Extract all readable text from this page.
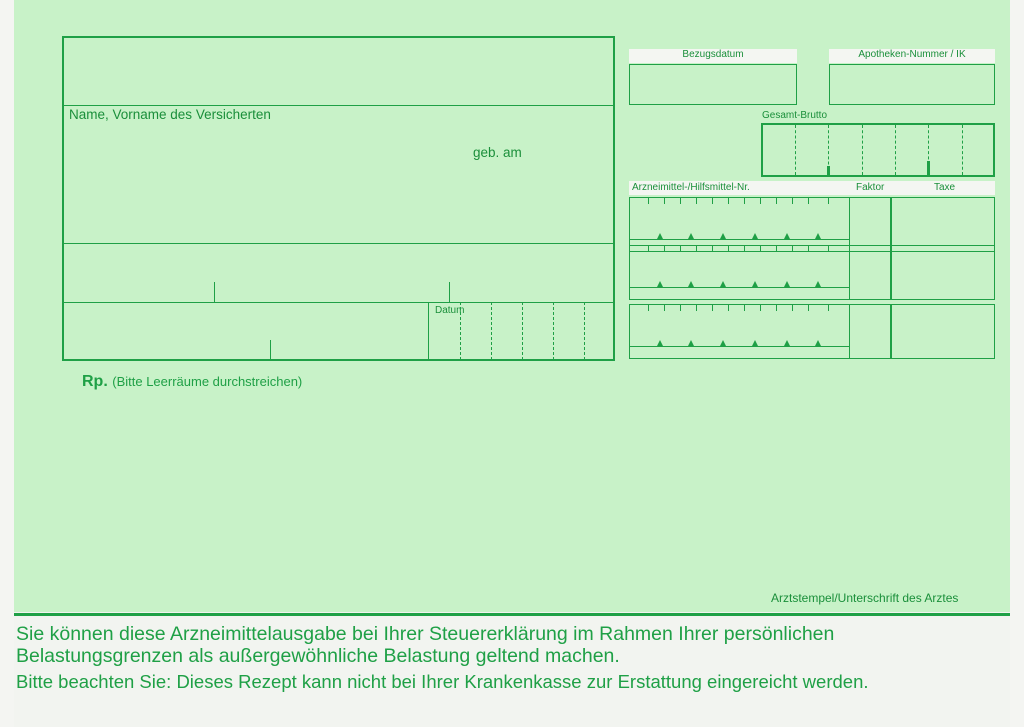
Name, Vorname des Versicherten
geb. am
Datum
Rp. (Bitte Leerräume durchstreichen)
Bezugsdatum	Apotheken-Nummer / IK
Gesamt-Brutto
Arzneimittel-/Hilfsmittel-Nr.	Faktor	Taxe
Arztstempel/Unterschrift des Arztes
Sie können diese Arzneimittelausgabe bei Ihrer Steuererklärung im Rahmen Ihrer persönlichen
Belastungsgrenzen als außergewöhnliche Belastung geltend machen.
Bitte beachten Sie: Dieses Rezept kann nicht bei Ihrer Krankenkasse zur Erstattung eingereicht werden.
